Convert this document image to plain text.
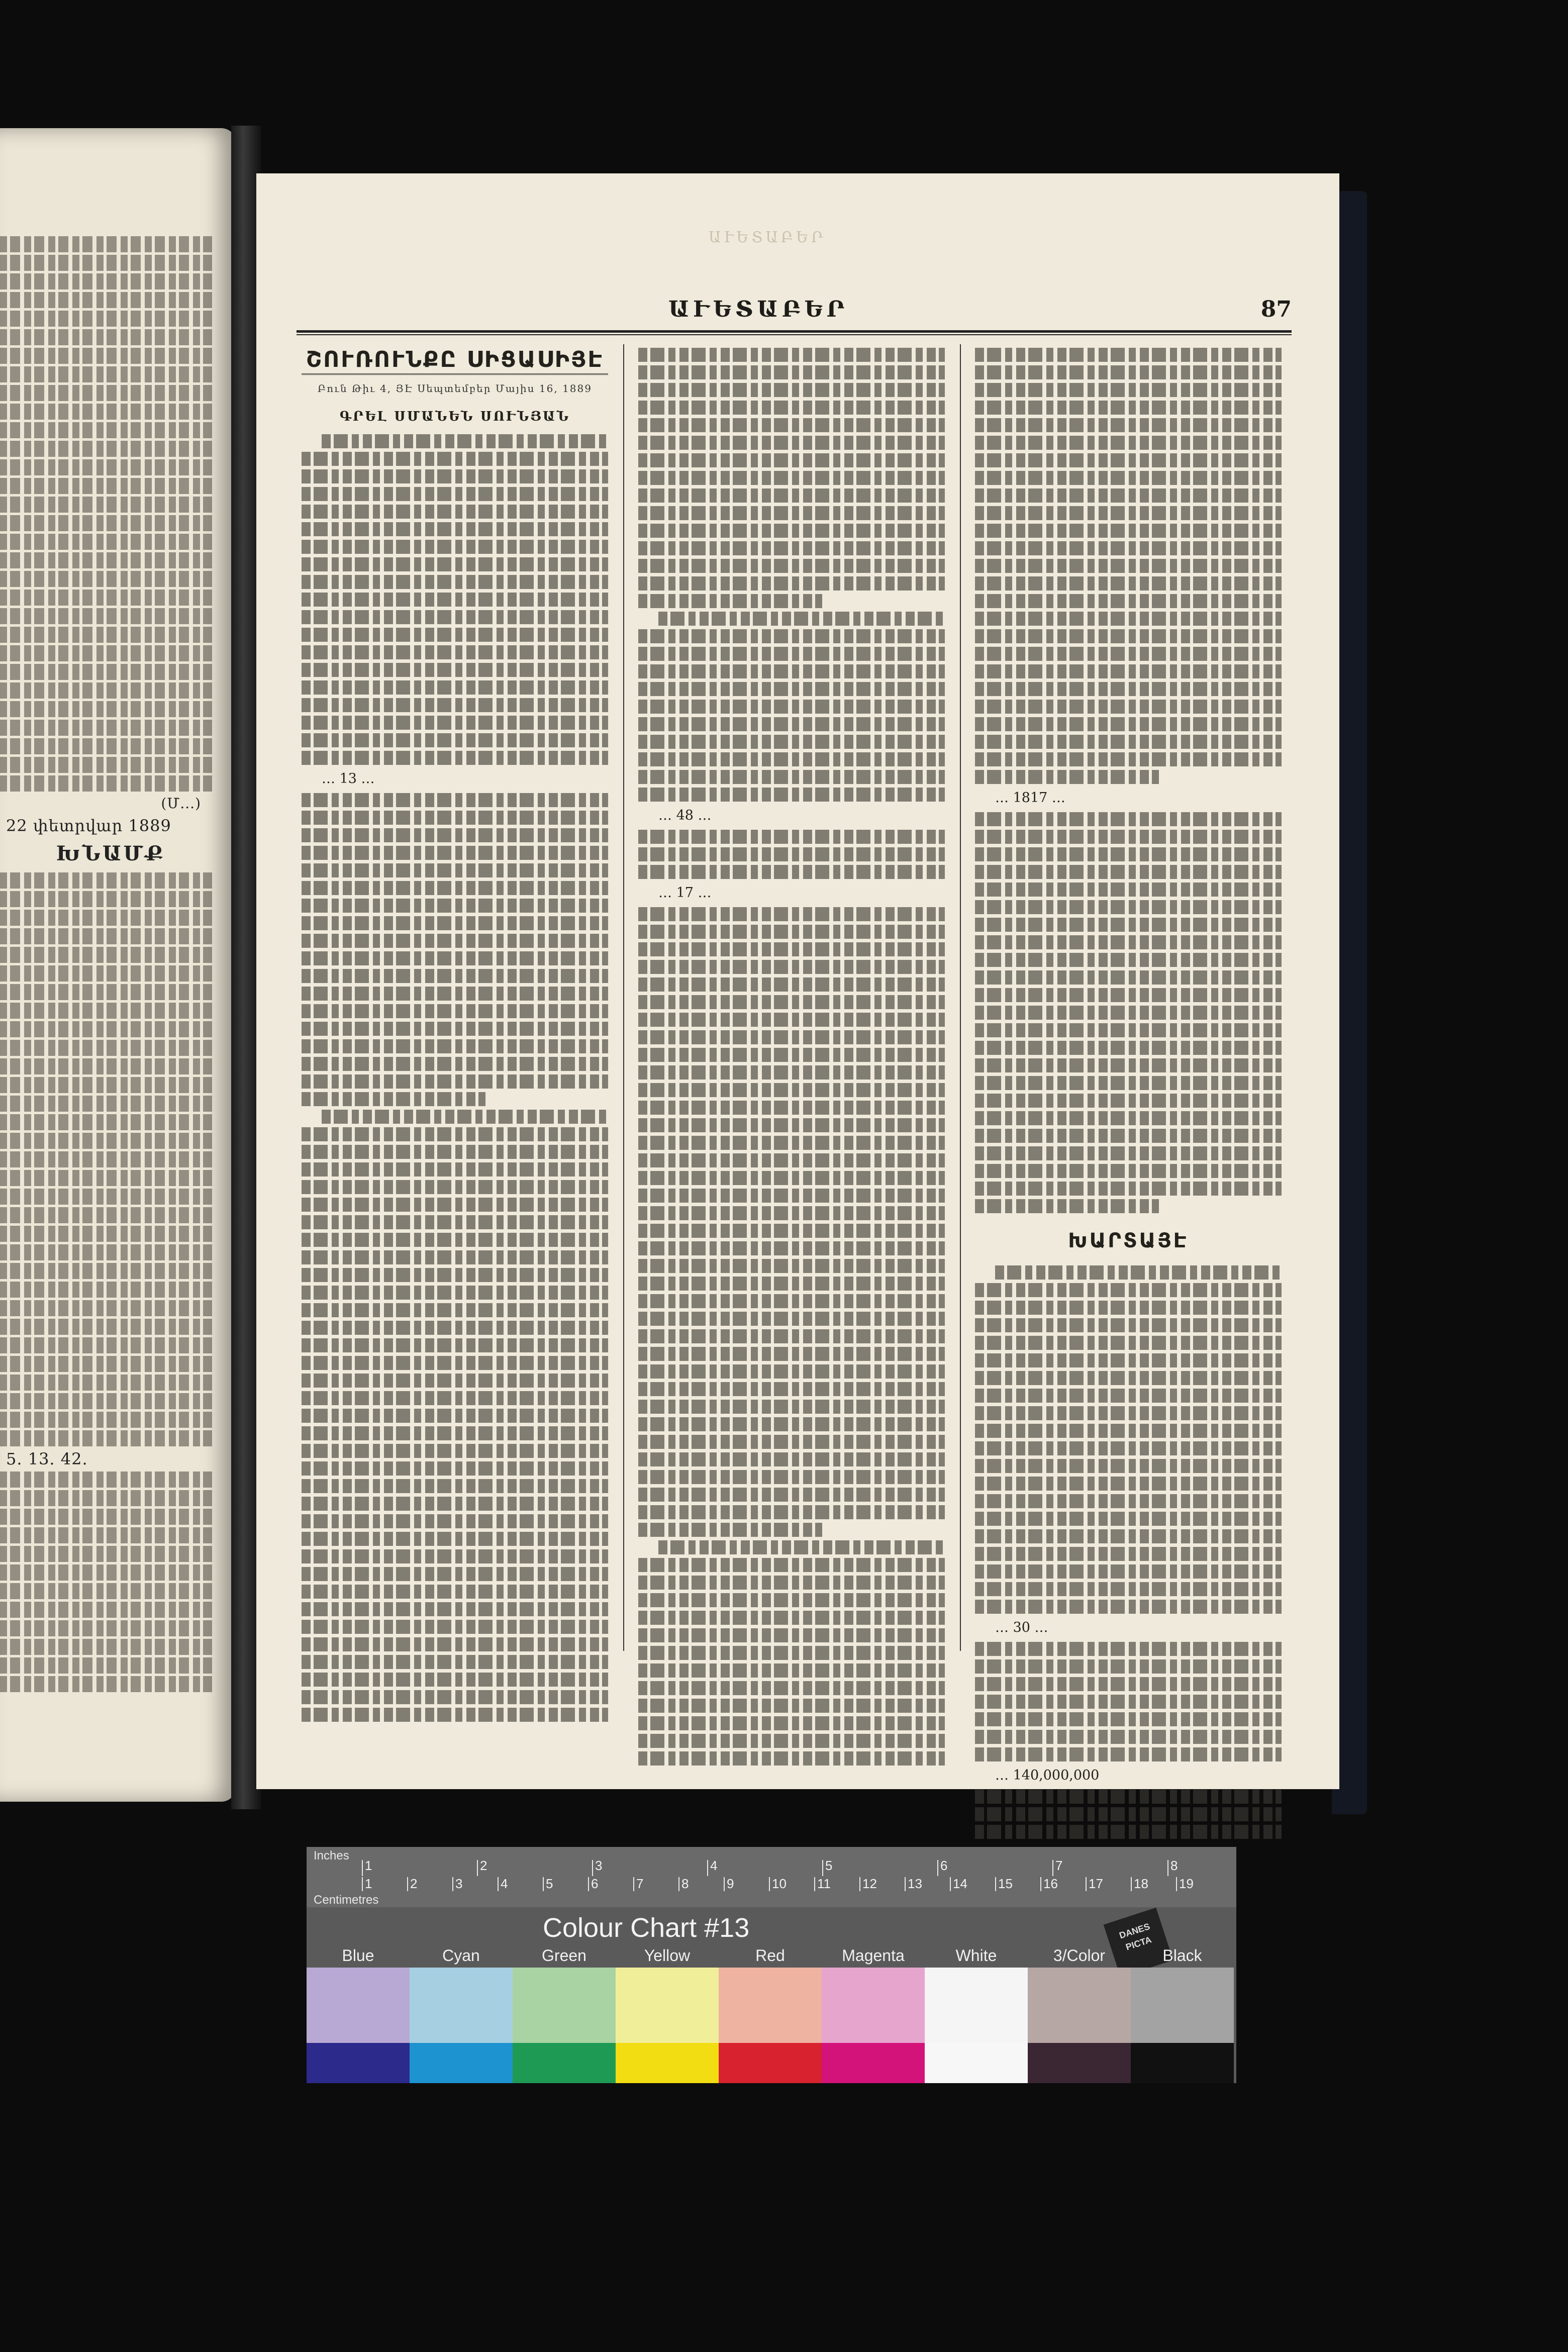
(Մ...)
22 փետրվար 1889
ԽՆԱՄՔ
5. 13. 42.
ԱՒԵՏԱԲԵՐ
ԱՒԵՏԱԲԵՐ	87
ՇՈՒՌՈՒՆՔԸ ՍԻՑԱՍԻՅԷ
Բուն Թիւ 4, ՅԷ Սեպտեմբեր Մայիս 16, 1889
ԳՐԵԼ ՍՄԱՆԵՆ ՍՈՒՆՅԱՆ
… 13 …
… 48 …
… 17 …
… 1817 …
ԽԱՐՏԱՅԷ
… 30 …
… 140,000,000
Inches
Centimetres
1	2	3	4	5	6	7	8	9	10 11 12 13 14 15 16 17 18 19
1	2	3	4	5	6	7	8
Colour Chart #13	DANES PICTA
Blue	Cyan	Green	Yellow	Red	Magenta	White	3/Color	Black
